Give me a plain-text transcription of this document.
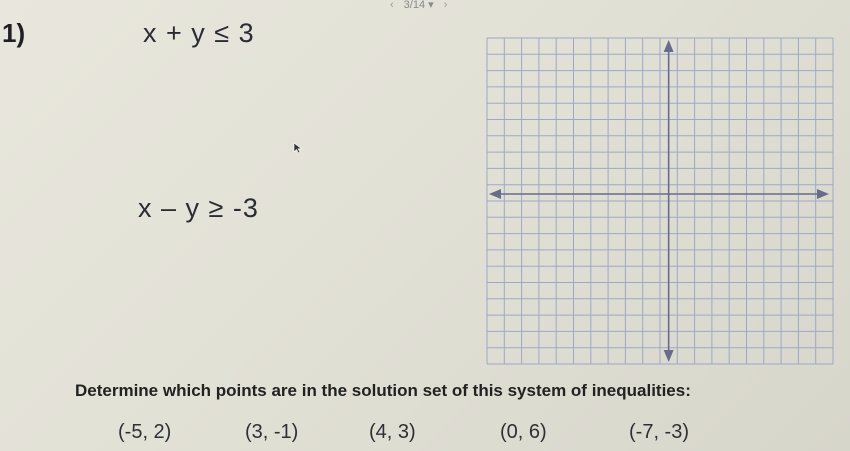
‹ 3/14 ▾ ›
1)	x + y ≤ 3
x – y ≥ -3
Determine which points are in the solution set of this system of inequalities:
(-5, 2)	(3, -1)	(4, 3)	(0, 6)	(-7, -3)
